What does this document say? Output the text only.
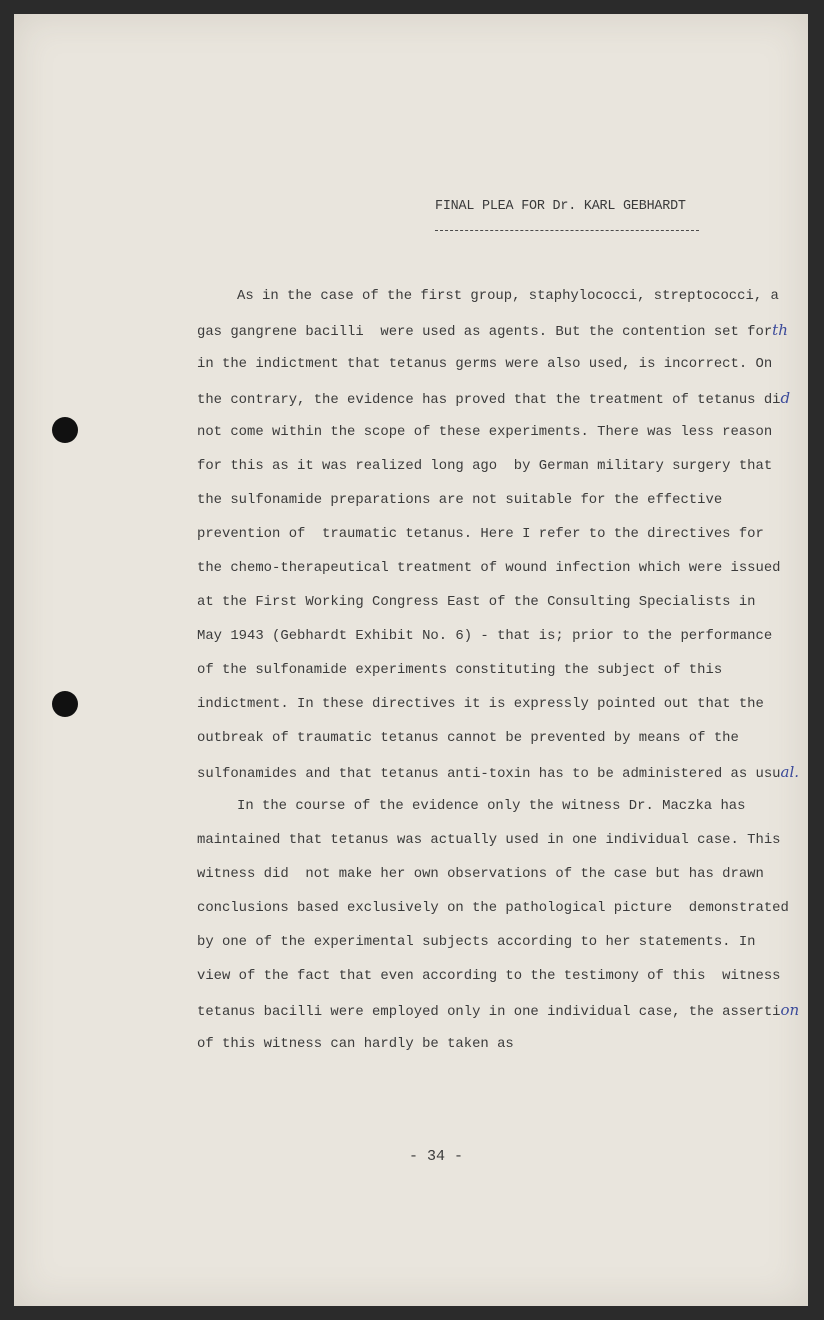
FINAL PLEA FOR Dr. KARL GEBHARDT
As in the case of the first group, staphylococci, streptococci, a
gas gangrene bacilli  were used as agents. But the contention set forth
in the indictment that tetanus germs were also used, is incorrect. On
the contrary, the evidence has proved that the treatment of tetanus did
not come within the scope of these experiments. There was less reason
for this as it was realized long ago  by German military surgery that
the sulfonamide preparations are not suitable for the effective
prevention of  traumatic tetanus. Here I refer to the directives for
the chemo-therapeutical treatment of wound infection which were issued
at the First Working Congress East of the Consulting Specialists in
May 1943 (Gebhardt Exhibit No. 6) - that is; prior to the performance
of the sulfonamide experiments constituting the subject of this
indictment. In these directives it is expressly pointed out that the
outbreak of traumatic tetanus cannot be prevented by means of the
sulfonamides and that tetanus anti-toxin has to be administered as usual.
In the course of the evidence only the witness Dr. Maczka has
maintained that tetanus was actually used in one individual case. This
witness did  not make her own observations of the case but has drawn
conclusions based exclusively on the pathological picture  demonstrated
by one of the experimental subjects according to her statements. In
view of the fact that even according to the testimony of this  witness
tetanus bacilli were employed only in one individual case, the assertion
of this witness can hardly be taken as
- 34 -
